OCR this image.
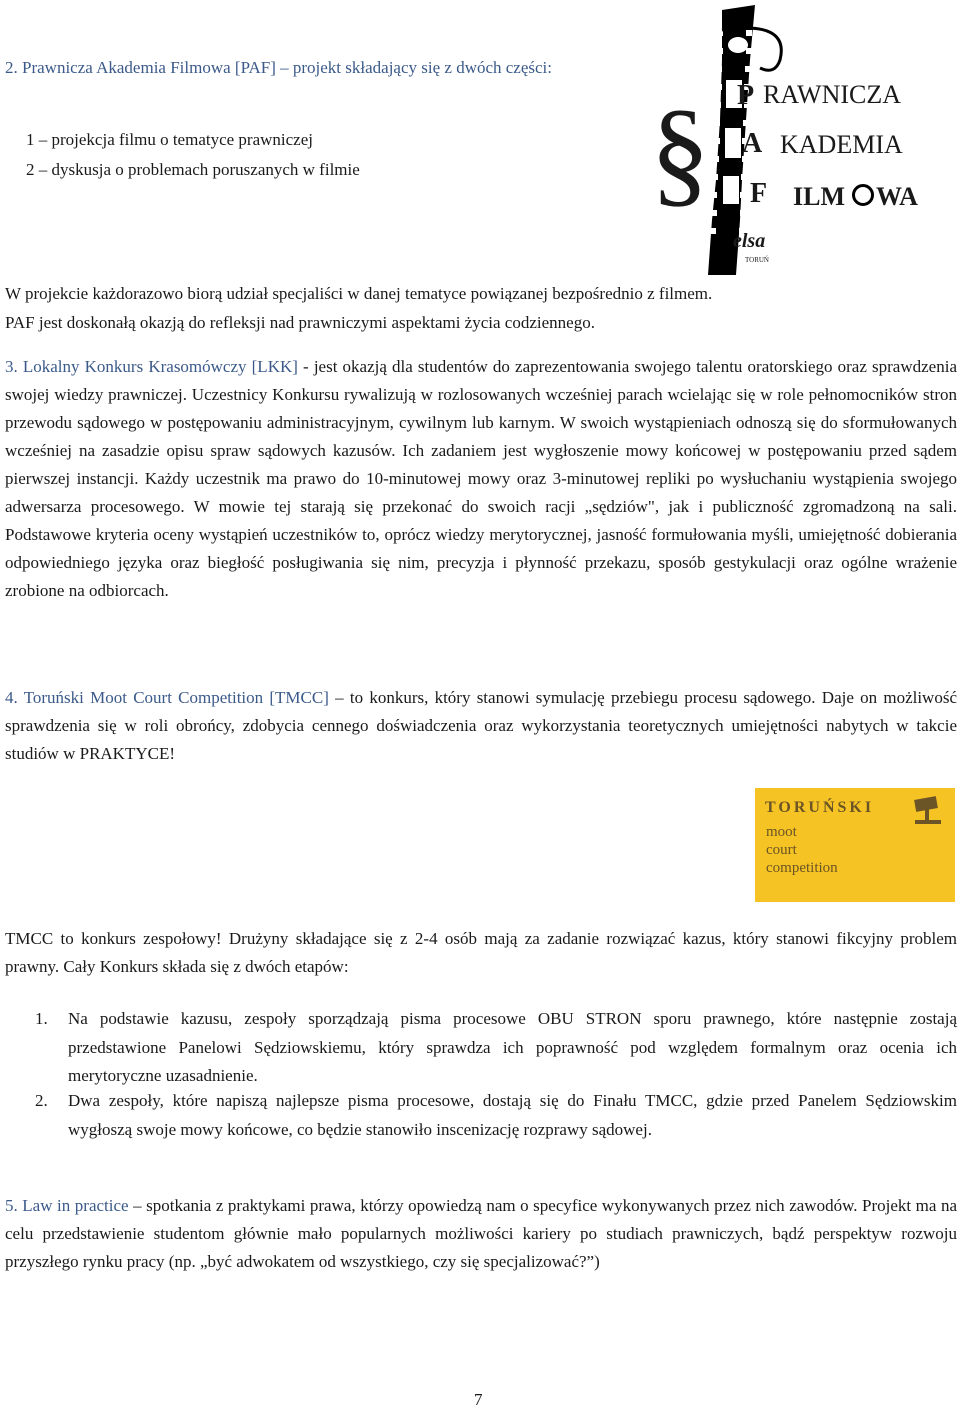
2. Prawnicza Akademia Filmowa [PAF] – projekt składający się z dwóch części:
1 – projekcja filmu o tematyce prawniczej
2 – dyskusja o problemach poruszanych w filmie
W projekcie każdorazowo biorą udział specjaliści w danej tematyce powiązanej bezpośrednio z filmem.
PAF jest doskonałą okazją do refleksji nad prawniczymi aspektami życia codziennego.
§ P RAWNICZA
A KADEMIA
F ILM WA
elsa
TORUŃ
3. Lokalny Konkurs Krasomówczy [LKK] - jest okazją dla studentów do zaprezentowania swojego talentu oratorskiego oraz sprawdzenia swojej wiedzy prawniczej. Uczestnicy Konkursu rywalizują w rozlosowanych wcześniej parach wcielając się w role pełnomocników stron przewodu sądowego w postępowaniu administracyjnym, cywilnym lub karnym. W swoich wystąpieniach odnoszą się do sformułowanych wcześniej na zasadzie opisu spraw sądowych kazusów. Ich zadaniem jest wygłoszenie mowy końcowej w postępowaniu przed sądem pierwszej instancji. Każdy uczestnik ma prawo do 10-minutowej mowy oraz 3-minutowej repliki po wysłuchaniu wystąpienia swojego adwersarza procesowego. W mowie tej starają się przekonać do swoich racji „sędziów", jak i publiczność zgromadzoną na sali. Podstawowe kryteria oceny wystąpień uczestników to, oprócz wiedzy merytorycznej, jasność formułowania myśli, umiejętność dobierania odpowiedniego języka oraz biegłość posługiwania się nim, precyzja i płynność przekazu, sposób gestykulacji oraz ogólne wrażenie zrobione na odbiorcach.
4. Toruński Moot Court Competition [TMCC] – to konkurs, który stanowi symulację przebiegu procesu sądowego. Daje on możliwość sprawdzenia się w roli obrońcy, zdobycia cennego doświadczenia oraz wykorzystania teoretycznych umiejętności nabytych w takcie studiów w PRAKTYCE!
TORUŃSKI
moot
court
competition
TMCC to konkurs zespołowy! Drużyny składające się z 2-4 osób mają za zadanie rozwiązać kazus, który stanowi fikcyjny problem prawny. Cały Konkurs składa się z dwóch etapów:
1. Na podstawie kazusu, zespoły sporządzają pisma procesowe OBU STRON sporu prawnego, które następnie zostają przedstawione Panelowi Sędziowskiemu, który sprawdza ich poprawność pod względem formalnym oraz ocenia ich merytoryczne uzasadnienie.
2. Dwa zespoły, które napiszą najlepsze pisma procesowe, dostają się do Finału TMCC, gdzie przed Panelem Sędziowskim wygłoszą swoje mowy końcowe, co będzie stanowiło inscenizację rozprawy sądowej.
5. Law in practice – spotkania z praktykami prawa, którzy opowiedzą nam o specyfice wykonywanych przez nich zawodów. Projekt ma na celu przedstawienie studentom głównie mało popularnych możliwości kariery po studiach prawniczych, bądź perspektyw rozwoju przyszłego rynku pracy (np. „być adwokatem od wszystkiego, czy się specjalizować?”)
7
